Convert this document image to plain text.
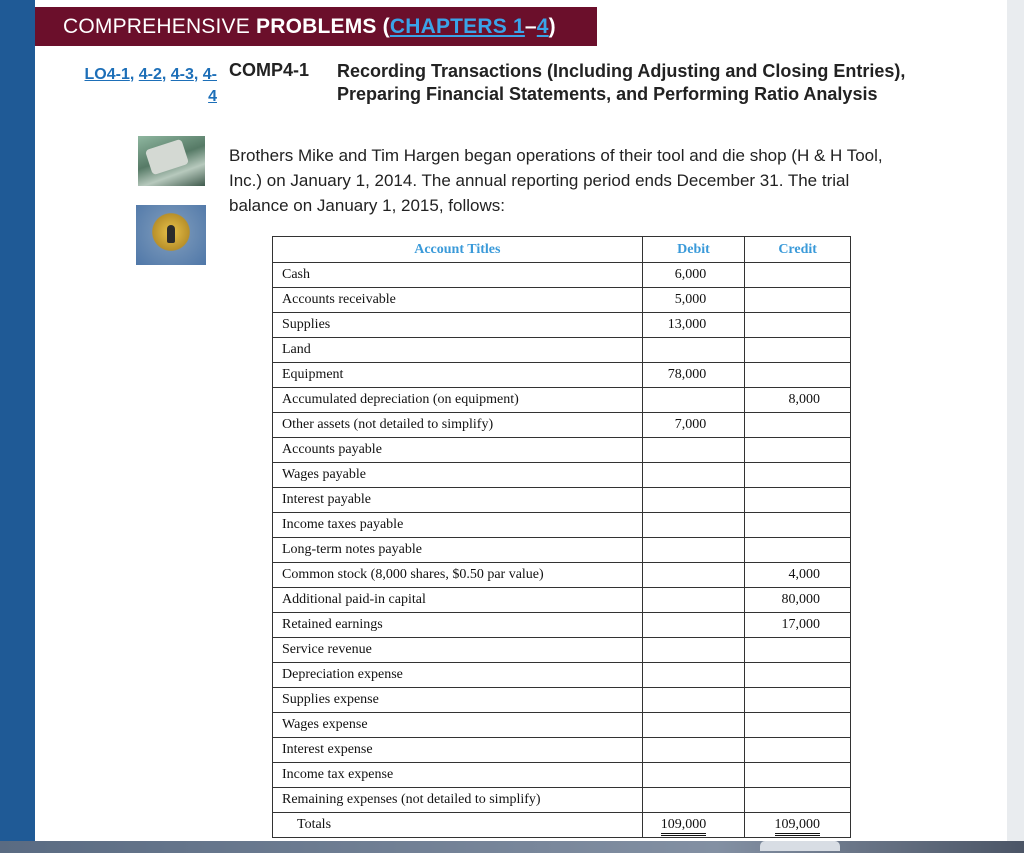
COMPREHENSIVE PROBLEMS (CHAPTERS 1–4)
LO4-1, 4-2, 4-3, 4-
4
COMP4-1 Recording Transactions (Including Adjusting and Closing Entries), Preparing Financial Statements, and Performing Ratio Analysis
Brothers Mike and Tim Hargen began operations of their tool and die shop (H & H Tool, Inc.) on January 1, 2014. The annual reporting period ends December 31. The trial balance on January 1, 2015, follows:
Account Titles	Debit	Credit
Cash	6,000	
Accounts receivable	5,000	
Supplies	13,000	
Land		
Equipment	78,000	
Accumulated depreciation (on equipment)		8,000
Other assets (not detailed to simplify)	7,000	
Accounts payable		
Wages payable		
Interest payable		
Income taxes payable		
Long-term notes payable		
Common stock (8,000 shares, $0.50 par value)		4,000
Additional paid-in capital		80,000
Retained earnings		17,000
Service revenue		
Depreciation expense		
Supplies expense		
Wages expense		
Interest expense		
Income tax expense		
Remaining expenses (not detailed to simplify)		
Totals	109,000	109,000
